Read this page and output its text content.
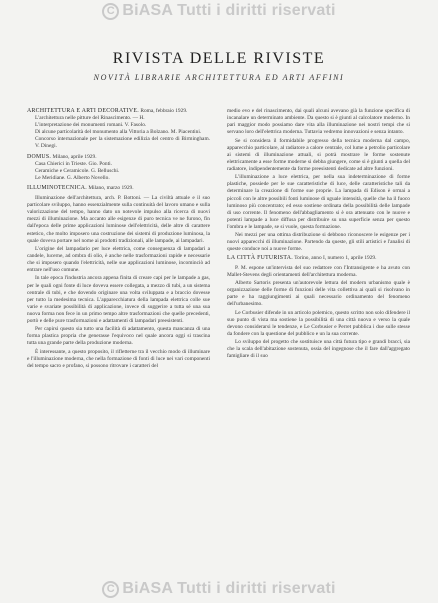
C BiASA Tutti i diritti riservati
RIVISTA DELLE RIVISTE
NOVITÀ LIBRARIE ARCHITETTURA ED ARTI AFFINI
ARCHITETTURA E ARTI DECORATIVE. Roma, febbraio 1929.
L'architettura nelle pitture del Rinascimento. — H.
L'interpretazione dei monumenti romani. V. Fasolo.
Di alcune particolarità del monumento alla Vittoria a Bolzano. M. Piacentini.
Concorso internazionale per la sistemazione edilizia del centro di Birmingham. V. Dinegi.
DOMUS. Milano, aprile 1929.
Casa Chierici in Trieste. Gio. Ponti.
Ceramiche e Ceramicole. G. Belluschi.
Le Meridiane. G. Alberto Novello.
ILLUMINOTECNICA. Milano, marzo 1929.

Illuminazione dell'architettura, arch. P. Bottoni. — La civiltà attuale e il suo particolare sviluppo, hanno essenzialmente sulla continuità del lavoro umano e sulla valorizzazione del tempo, hanno dato un notevole impulso alla ricerca di nuovi mezzi di illuminazione. Ma accanto alle esigenze di puro tecnica ve ne furono, fin dall'epoca delle prime applicazioni luminose dell'elettricità, delle altre di carattere estetico, che molto imposero una costruzione dei sistemi di produzione luminosa, la quale doveva portare nel nome ai prodotti tradizionali, alle lampade, ai lampadari.

L'origine del lampadario per luce elettrica, come conseguenza di lampadari a candele, lucerne, ad ombra di olio, è anche nelle trasformazioni rapide e necessarie che si imposero quando l'elettricità, nelle sue applicazioni luminose, incominciò ad entrare nell'uso comune.

In tale epoca l'industria ancora appena finita di creare capi per le lampade a gas, per le quali ogni fonte di luce doveva essere collegata, a mezzo di tubi, a un sistema centrale di tubi, e che dovendo originare una volta sviluppata e a braccio dovesse per tutto la medesima tecnica. L'apparecchiatura della lampada elettrica colle sue varie e svariate possibilità di applicazione, invece di suggerire a tutta sé una sua nuova forma non fece in un primo tempo altre trasformazioni che quelle precedenti, portò e delle pure trasformazioni e adattamenti di lampadari preesistenti.

Per capirsi questo sia tutto una facilità di adattamento, questa mancanza di una forma plastica propria che generasse l'equivoco nel quale ancora oggi si trascina tutta una grande parte della produzione moderna.

È interessante, a questo proposito, il rifletterne tra il vecchio modo di illuminare e l'illuminazione moderna, che nella formazione di fonti di luce nei vari componenti del tempo sacro e profano, si possono ritrovare i caratteri del

medio evo e del rinascimento, dai quali alcuni avevano già la funzione specifica di incanalare un determinato ambiente. Da questo si è giunti al calcolatore moderno. In pari maggior modo possiamo dare vita alla illuminazione nei nostri tempi che si servano loro dell'elettrica moderna. Tuttavia vedremo innovazioni e senza intanto.

Se si considera il formidabile progresso della tecnica moderna dal campo, apparecchio particolare, al radiatore a calore centrale, col lume a petrolio particolare ai sistemi di illuminazione attuali, si potrà mostrare le forme sostenute elettricamente a esse forme moderne si debba giungere, come si è giunti a quella del radiatore, indipendentemente da forme preesistenti dedicate ad altre funzioni.

L'illuminazione a luce elettrica, per nella sua indeterminazione di forme plastiche, possiede per le sue caratteristiche di luce, delle caratteristiche tali da determinare la creazione di forme sue proprie. La lampada di Edison è ormai a piccoli con le altre possibili fonti luminose di uguale intensità, quelle che ha il fuoco luminoso più concentrato; ed esso sostiene ordinata della possibilità delle lampade di uso corrente. Il fenomeno dell'abbagliamento si è ora attenuato con le nuove e potenti lampade a luce diffusa per distribuire su una superficie senza per questo l'ombra e le lampade, se si vuole, questa formazione.

Nei mezzi per una ottima distribuzione si debbono riconoscere le esigenze per i nuovi apparecchi di illuminazione. Partendo da queste, gli stili artistici e l'analisi di queste conduce noi a nuove forme.

LA CITTÀ FUTURISTA. Torino, anno I, numero 1, aprile 1929.

P. M. espone un'intervista del suo redattore con l'Intransigente e ha avuto con Mallet-Stevens degli orientamenti dell'architettura moderna.

Alberto Sartoris presenta un'autorevole lettura del modern urbanismo quale è organizzazione delle forme di funzioni delle vita collettiva ai quali si risolvano in parte e ha raggiungimenti ai quali necessario ordinamento del fenomeno dell'urbanesimo.

Le Corbusier difende in un articolo polemico, questo scritto non solo difendere il suo punto di vista ma sostiene la possibilità di una città nuova e verso la quale devono considerarsi le tendenze, e Le Corbusier e Perret pubblica i due sulle stesse da fondere con la questione del pubblico e un la sua corrente.

Lo sviluppo del progetto che sostituisce una città futura tipo e grandi bracci, sia che la scala dell'abitazione sostenuta, ossia del ingegnose che il fare dall'aggregato famigliare di il suo

C BiASA Tutti i diritti riservati
